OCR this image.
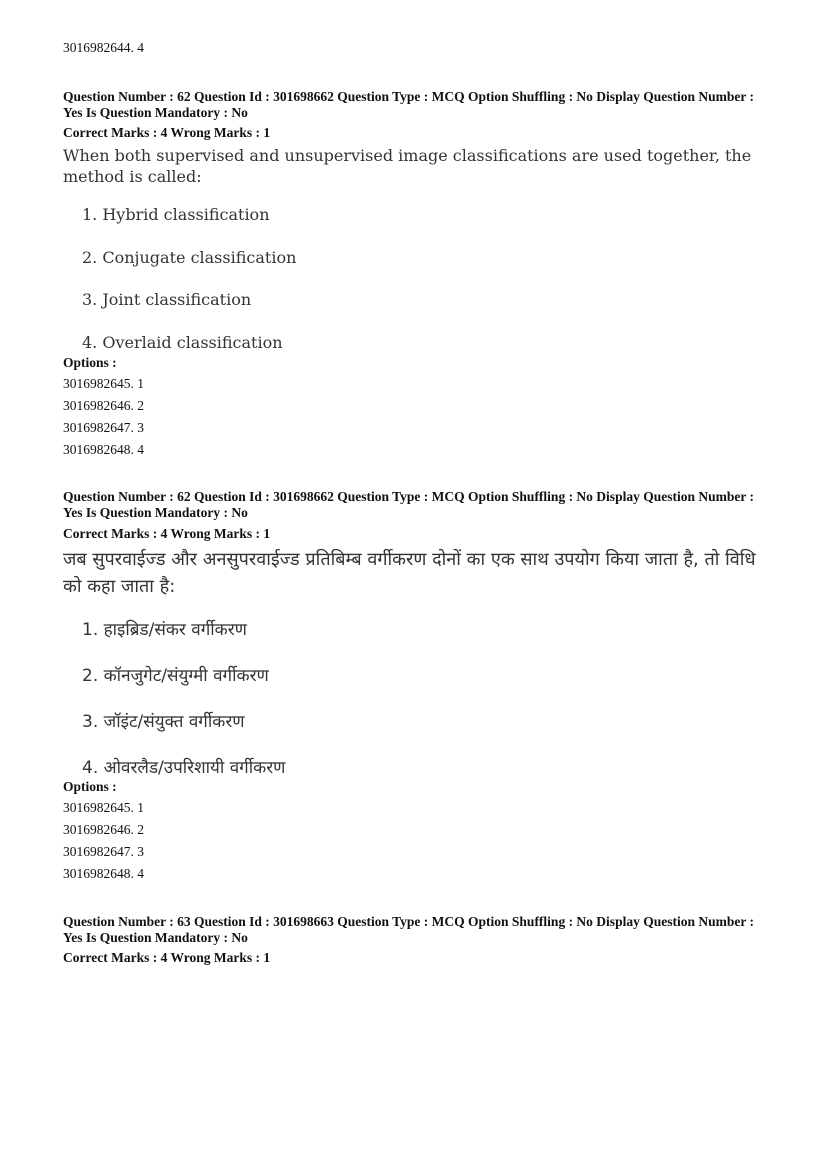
3016982644. 4
Question Number : 62 Question Id : 301698662 Question Type : MCQ Option Shuffling : No Display Question Number : Yes Is Question Mandatory : No
Correct Marks : 4 Wrong Marks : 1
When both supervised and unsupervised image classifications are used together, the method is called:
1. Hybrid classification
2. Conjugate classification
3. Joint classification
4. Overlaid classification
Options :
3016982645. 1
3016982646. 2
3016982647. 3
3016982648. 4
Question Number : 62 Question Id : 301698662 Question Type : MCQ Option Shuffling : No Display Question Number : Yes Is Question Mandatory : No
Correct Marks : 4 Wrong Marks : 1
जब सुपरवाईज्ड और अनसुपरवाईज्ड प्रतिबिम्ब वर्गीकरण दोनों का एक साथ उपयोग किया जाता है, तो विधि को कहा जाता है:
1. हाइब्रिड/संकर वर्गीकरण
2. कॉनजुगेट/संयुग्मी वर्गीकरण
3. जॉइंट/संयुक्त वर्गीकरण
4. ओवरलैड/उपरिशायी वर्गीकरण
Options :
3016982645. 1
3016982646. 2
3016982647. 3
3016982648. 4
Question Number : 63 Question Id : 301698663 Question Type : MCQ Option Shuffling : No Display Question Number : Yes Is Question Mandatory : No
Correct Marks : 4 Wrong Marks : 1
